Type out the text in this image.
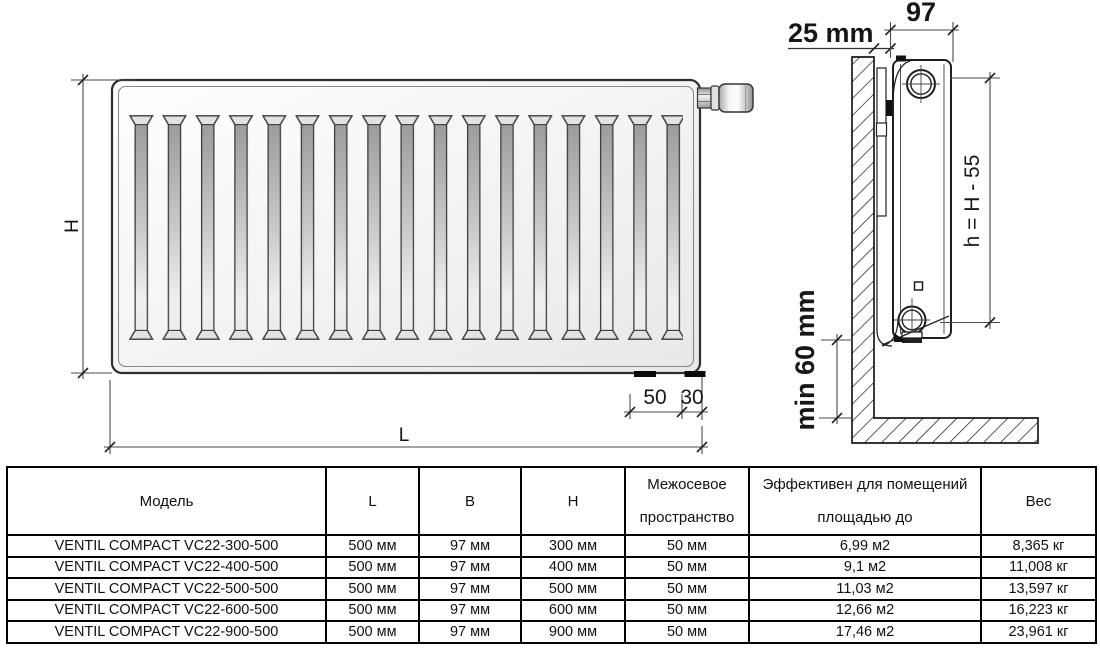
H
L
50 30
25 mm
97
h = H - 55
min 60 mm
Модель	L	B	H	Межосевое пространство	Эффективен для помещений площадью до	Вес
VENTIL COMPACT VC22-300-500	500 мм	97 мм	300 мм	50 мм	6,99 м2	8,365 кг
VENTIL COMPACT VC22-400-500	500 мм	97 мм	400 мм	50 мм	9,1 м2	11,008 кг
VENTIL COMPACT VC22-500-500	500 мм	97 мм	500 мм	50 мм	11,03 м2	13,597 кг
VENTIL COMPACT VC22-600-500	500 мм	97 мм	600 мм	50 мм	12,66 м2	16,223 кг
VENTIL COMPACT VC22-900-500	500 мм	97 мм	900 мм	50 мм	17,46 м2	23,961 кг
